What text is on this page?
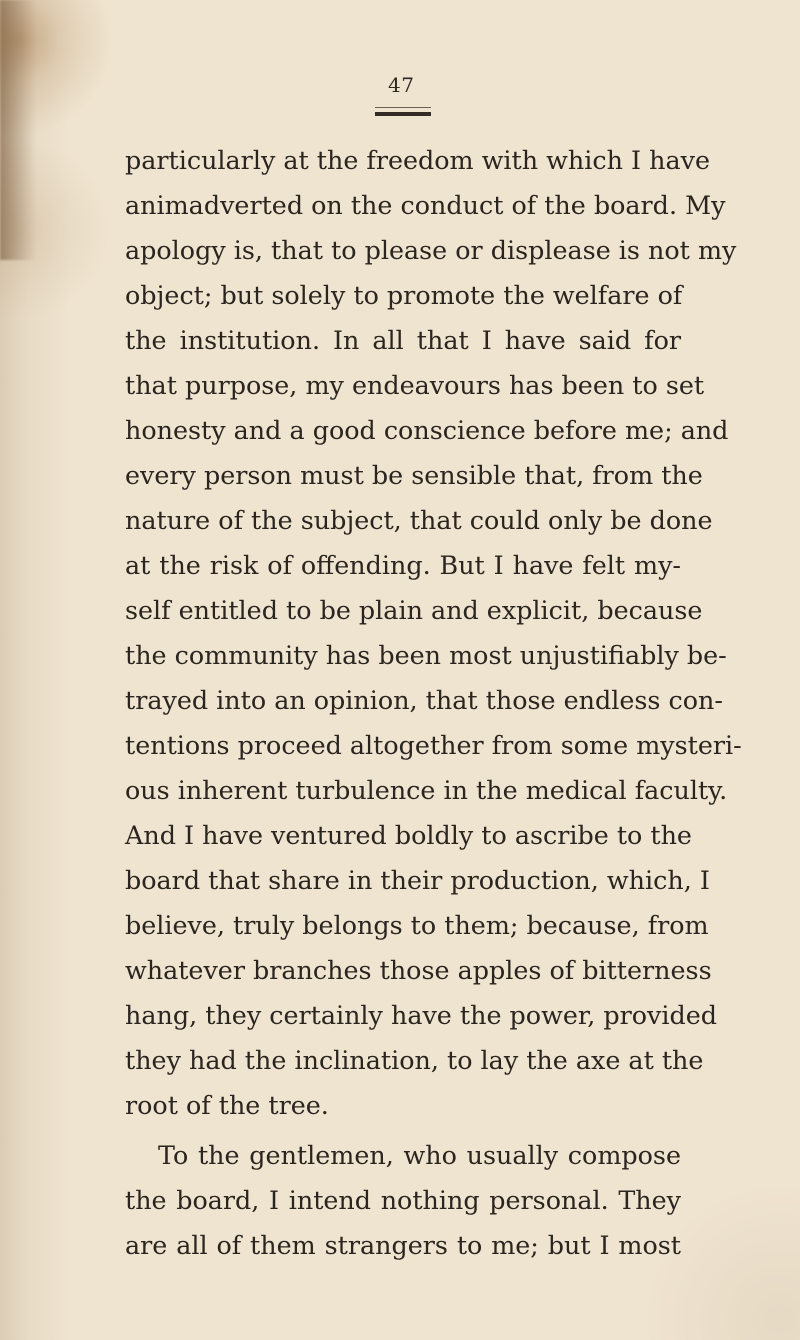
47
particularly at the freedom with which I have
animadverted on the conduct of the board. My
apology is, that to please or displease is not my
object; but solely to promote the welfare of
the institution. In all that I have said for
that purpose, my endeavours has been to set
honesty and a good conscience before me; and
every person must be sensible that, from the
nature of the subject, that could only be done
at the risk of offending. But I have felt my-
self entitled to be plain and explicit, because
the community has been most unjustifiably be-
trayed into an opinion, that those endless con-
tentions proceed altogether from some mysteri-
ous inherent turbulence in the medical faculty.
And I have ventured boldly to ascribe to the
board that share in their production, which, I
believe, truly belongs to them; because, from
whatever branches those apples of bitterness
hang, they certainly have the power, provided
they had the inclination, to lay the axe at the
root of the tree.
To the gentlemen, who usually compose
the board, I intend nothing personal. They
are all of them strangers to me; but I most
